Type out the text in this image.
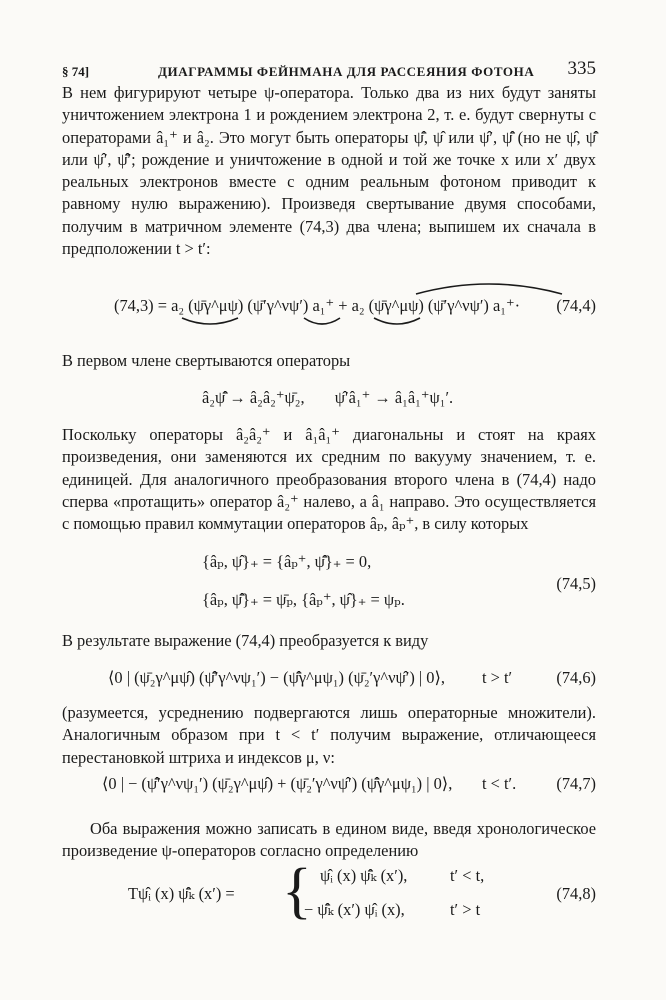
§ 74]	ДИАГРАММЫ ФЕЙНМАНА ДЛЯ РАССЕЯНИЯ ФОТОНА 335

В нем фигурируют четыре ψ-оператора. Только два из них будут заняты уничтожением электрона 1 и рождением электрона 2, т. е. будут свернуты с операторами â₁⁺ и â₂. Это могут быть операторы ψ̄̂, ψ̂ или ψ̂′, ψ̄̂ (но не ψ̂, ψ̄̂ или ψ̂′, ψ̄̂′; рождение и уничтожение в одной и той же точке x или x′ двух реальных электронов вместе с одним реальным фотоном приводит к равному нулю выражению). Произведя свертывание двумя способами, получим в матричном элементе (74,3) два члена; выпишем их сначала в предположении t > t′:

(74,3) = a₂ (ψ̄γ^μψ) (ψ̄′γ^νψ′) a₁⁺ + a₂ (ψ̄γ^μψ) (ψ̄′γ^νψ′) a₁⁺· (74,4)

В первом члене свертываются операторы

â₂ψ̄̂ → â₂â₂⁺ψ̄₂, ψ̂′â₁⁺ → â₁â₁⁺ψ₁′.

Поскольку операторы â₂â₂⁺ и â₁â₁⁺ диагональны и стоят на краях произведения, они заменяются их средним по вакууму значением, т. е. единицей. Для аналогичного преобразования второго члена в (74,4) надо сперва «протащить» оператор â₂⁺ налево, а â₁ направо. Это осуществляется с помощью правил коммутации операторов âₚ, âₚ⁺, в силу которых

{âₚ, ψ̂}₊ = {âₚ⁺, ψ̄̂}₊ = 0,
{âₚ, ψ̄̂}₊ = ψ̄ₚ, {âₚ⁺, ψ̂}₊ = ψₚ.
(74,5)

В результате выражение (74,4) преобразуется к виду

⟨0 | (ψ̄₂γ^μψ̂) (ψ̄̂′γ^νψ₁′) − (ψ̄̂γ^μψ₁) (ψ̄₂′γ^νψ̂′) | 0⟩, t > t′	(74,6)

(разумеется, усреднению подвергаются лишь операторные множители). Аналогичным образом при t < t′ получим выражение, отличающееся перестановкой штриха и индексов μ, ν:

⟨0 | − (ψ̄̂′γ^νψ₁′) (ψ̄₂γ^μψ̂) + (ψ̄₂′γ^νψ̂′) (ψ̄̂γ^μψ₁) | 0⟩, t < t′. (74,7)

Оба выражения можно записать в едином виде, введя хронологическое произведение ψ-операторов согласно определению

Tψ̂ᵢ (x) ψ̄̂ₖ (x′) = { ψ̂ᵢ (x) ψ̄̂ₖ (x′),	t′ < t,
− ψ̄̂ₖ (x′) ψ̂ᵢ (x),	t′ > t
(74,8)
